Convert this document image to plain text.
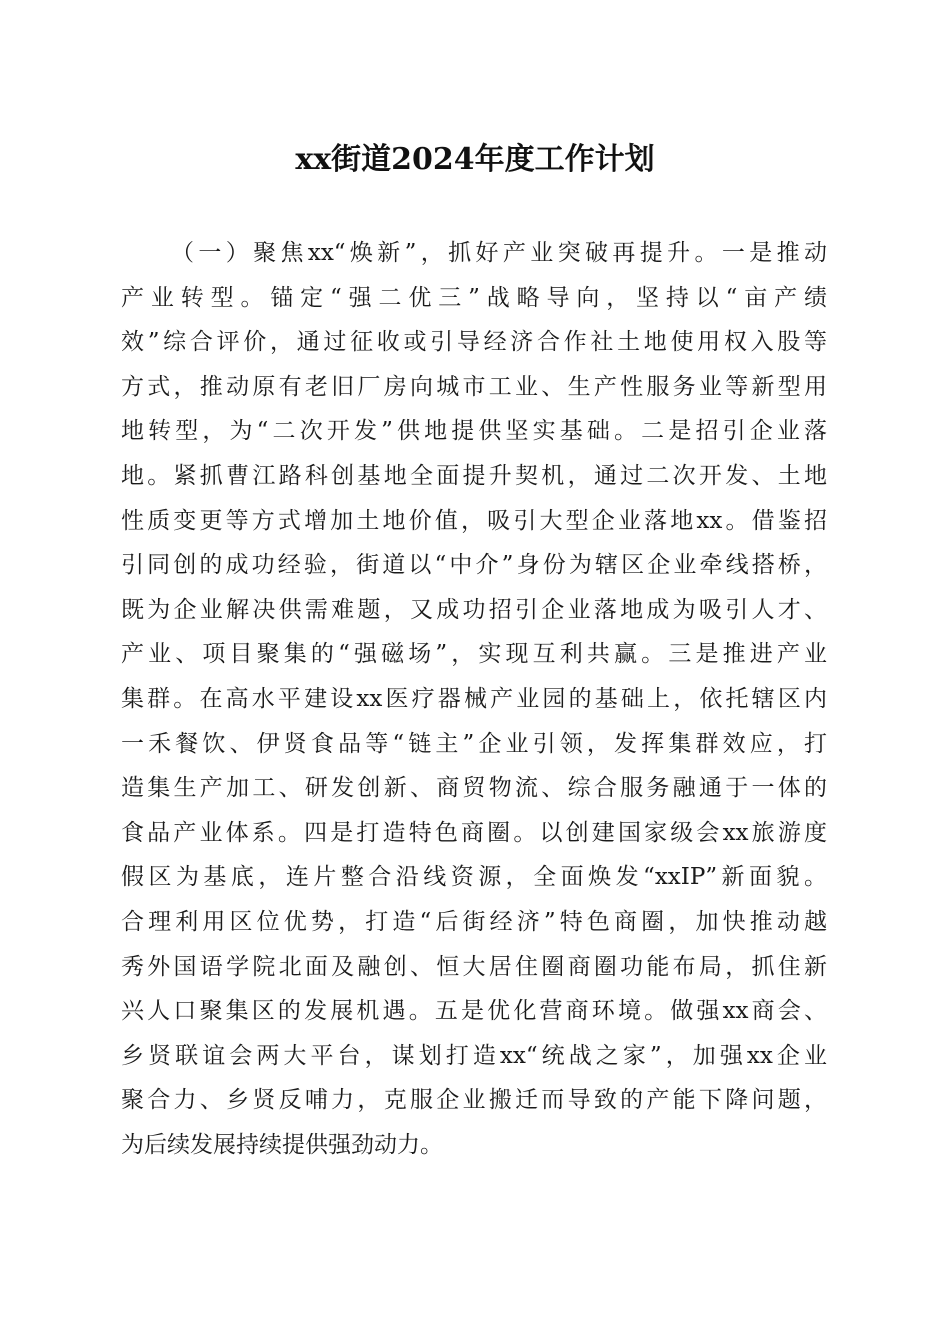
xx街道2024年度工作计划
（一）聚焦xx“焕新”，抓好产业突破再提升。一是推动
产业转型。锚定“强二优三”战略导向，坚持以“亩产绩
效”综合评价，通过征收或引导经济合作社土地使用权入股等
方式，推动原有老旧厂房向城市工业、生产性服务业等新型用
地转型，为“二次开发”供地提供坚实基础。二是招引企业落
地。紧抓曹江路科创基地全面提升契机，通过二次开发、土地
性质变更等方式增加土地价值，吸引大型企业落地xx。借鉴招
引同创的成功经验，街道以“中介”身份为辖区企业牵线搭桥，
既为企业解决供需难题，又成功招引企业落地成为吸引人才、
产业、项目聚集的“强磁场”，实现互利共赢。三是推进产业
集群。在高水平建设xx医疗器械产业园的基础上，依托辖区内
一禾餐饮、伊贤食品等“链主”企业引领，发挥集群效应，打
造集生产加工、研发创新、商贸物流、综合服务融通于一体的
食品产业体系。四是打造特色商圈。以创建国家级会xx旅游度
假区为基底，连片整合沿线资源，全面焕发“xxIP”新面貌。
合理利用区位优势，打造“后街经济”特色商圈，加快推动越
秀外国语学院北面及融创、恒大居住圈商圈功能布局，抓住新
兴人口聚集区的发展机遇。五是优化营商环境。做强xx商会、
乡贤联谊会两大平台，谋划打造xx“统战之家”，加强xx企业
聚合力、乡贤反哺力，克服企业搬迁而导致的产能下降问题，
为后续发展持续提供强劲动力。
